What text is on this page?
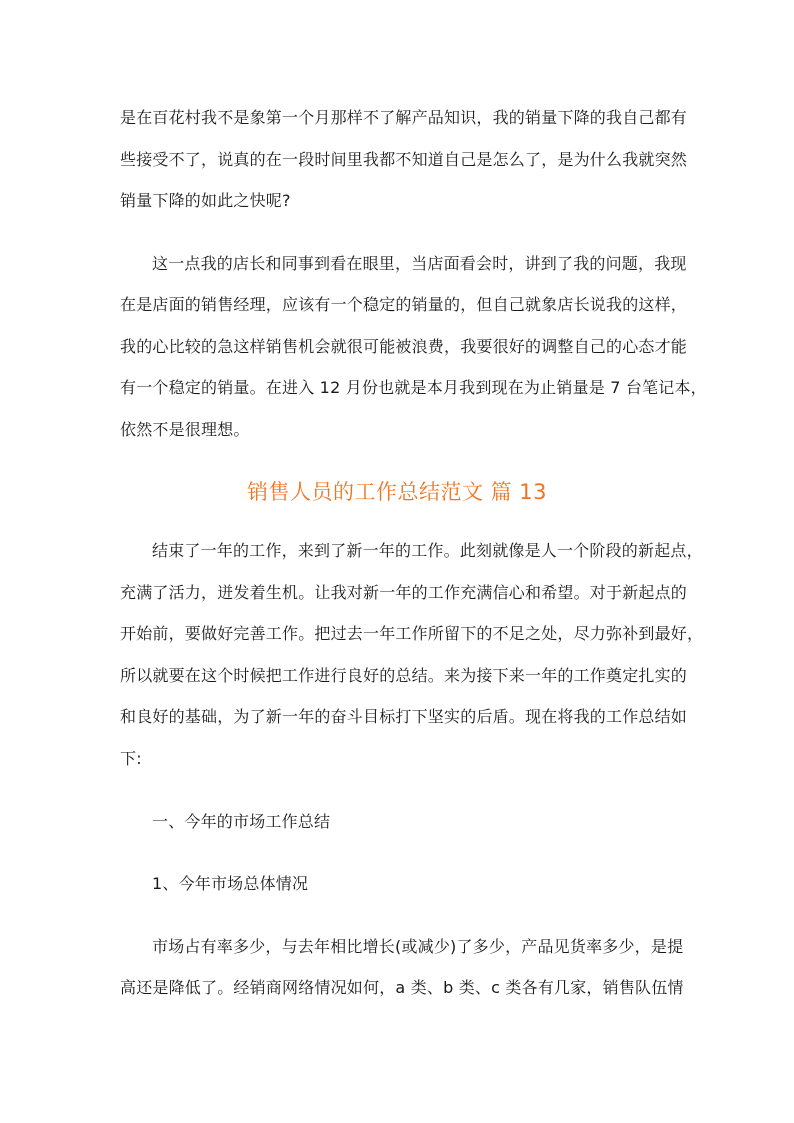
是在百花村我不是象第一个月那样不了解产品知识，我的销量下降的我自己都有
些接受不了，说真的在一段时间里我都不知道自己是怎么了，是为什么我就突然
销量下降的如此之快呢?
这一点我的店长和同事到看在眼里，当店面看会时，讲到了我的问题，我现
在是店面的销售经理，应该有一个稳定的销量的，但自己就象店长说我的这样，
我的心比较的急这样销售机会就很可能被浪费，我要很好的调整自己的心态才能
有一个稳定的销量。在进入 12 月份也就是本月我到现在为止销量是 7 台笔记本，
依然不是很理想。
销售人员的工作总结范文 篇 13
结束了一年的工作，来到了新一年的工作。此刻就像是人一个阶段的新起点，
充满了活力，迸发着生机。让我对新一年的工作充满信心和希望。对于新起点的
开始前，要做好完善工作。把过去一年工作所留下的不足之处，尽力弥补到最好，
所以就要在这个时候把工作进行良好的总结。来为接下来一年的工作奠定扎实的
和良好的基础，为了新一年的奋斗目标打下坚实的后盾。现在将我的工作总结如
下:
一、今年的市场工作总结
1、今年市场总体情况
市场占有率多少，与去年相比增长(或减少)了多少，产品见货率多少，是提
高还是降低了。经销商网络情况如何，a 类、b 类、c 类各有几家，销售队伍情
